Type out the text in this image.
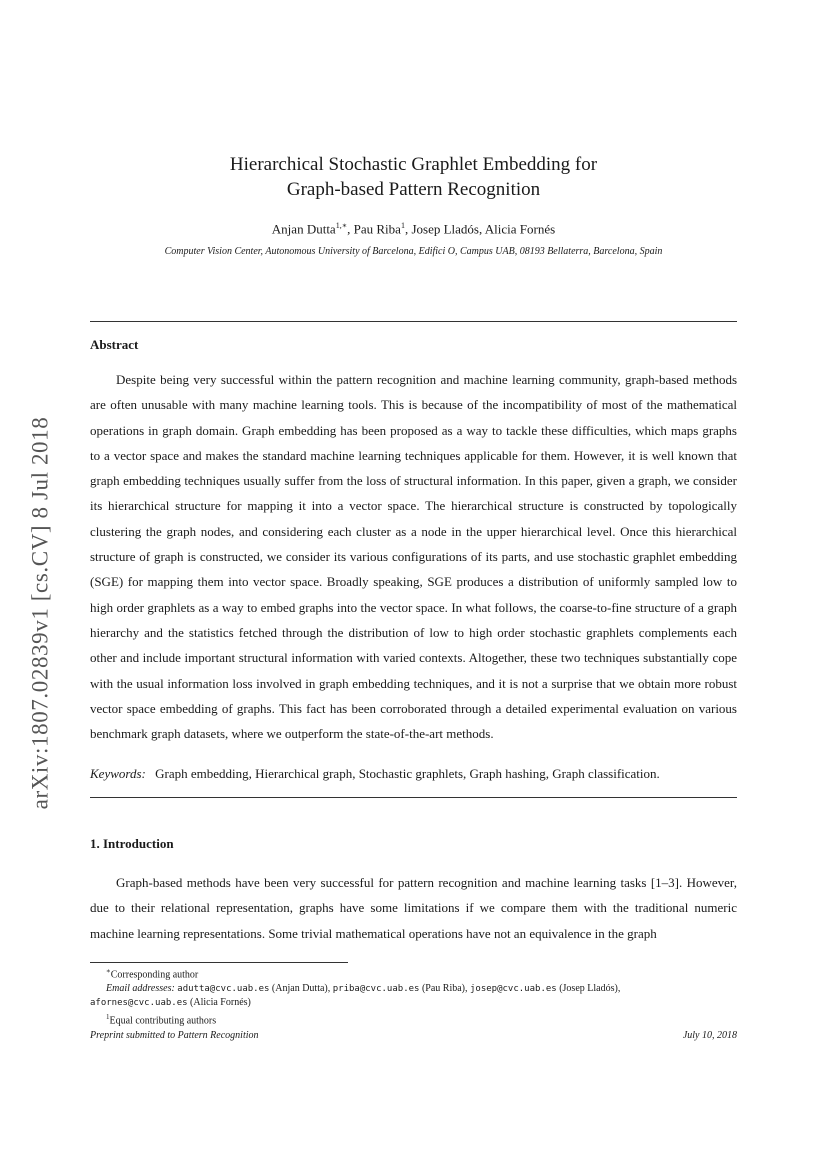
arXiv:1807.02839v1 [cs.CV] 8 Jul 2018
Hierarchical Stochastic Graphlet Embedding for
Graph-based Pattern Recognition
Anjan Dutta$^{1,∗}$, Pau Riba$^1$, Josep Lladós, Alicia Fornés
Computer Vision Center, Autonomous University of Barcelona, Edifici O, Campus UAB, 08193 Bellaterra, Barcelona, Spain
Abstract

Despite being very successful within the pattern recognition and machine learning community, graph-based methods are often unusable with many machine learning tools. This is because of the incompatibility of most of the mathematical operations in graph domain. Graph embedding has been proposed as a way to tackle these difficulties, which maps graphs to a vector space and makes the standard machine learning techniques applicable for them. However, it is well known that graph embedding techniques usually suffer from the loss of structural information. In this paper, given a graph, we consider its hierarchical structure for mapping it into a vector space. The hierarchical structure is constructed by topologically clustering the graph nodes, and considering each cluster as a node in the upper hierarchical level. Once this hierarchical structure of graph is constructed, we consider its various configurations of its parts, and use stochastic graphlet embedding (SGE) for mapping them into vector space. Broadly speaking, SGE produces a distribution of uniformly sampled low to high order graphlets as a way to embed graphs into the vector space. In what follows, the coarse-to-fine structure of a graph hierarchy and the statistics fetched through the distribution of low to high order stochastic graphlets complements each other and include important structural information with varied contexts. Altogether, these two techniques substantially cope with the usual information loss involved in graph embedding techniques, and it is not a surprise that we obtain more robust vector space embedding of graphs. This fact has been corroborated through a detailed experimental evaluation on various benchmark graph datasets, where we outperform the state-of-the-art methods.

Keywords: Graph embedding, Hierarchical graph, Stochastic graphlets, Graph hashing, Graph classification.
1. Introduction

Graph-based methods have been very successful for pattern recognition and machine learning tasks [1–3]. However, due to their relational representation, graphs have some limitations if we compare them with the traditional numeric machine learning representations. Some trivial mathematical operations have not an equivalence in the graph

∗Corresponding author

Email addresses: adutta@cvc.uab.es (Anjan Dutta), priba@cvc.uab.es (Pau Riba), josep@cvc.uab.es (Josep Lladós),

afornes@cvc.uab.es (Alicia Fornés)

$^1$Equal contributing authors

Preprint submitted to Pattern Recognition	July 10, 2018
